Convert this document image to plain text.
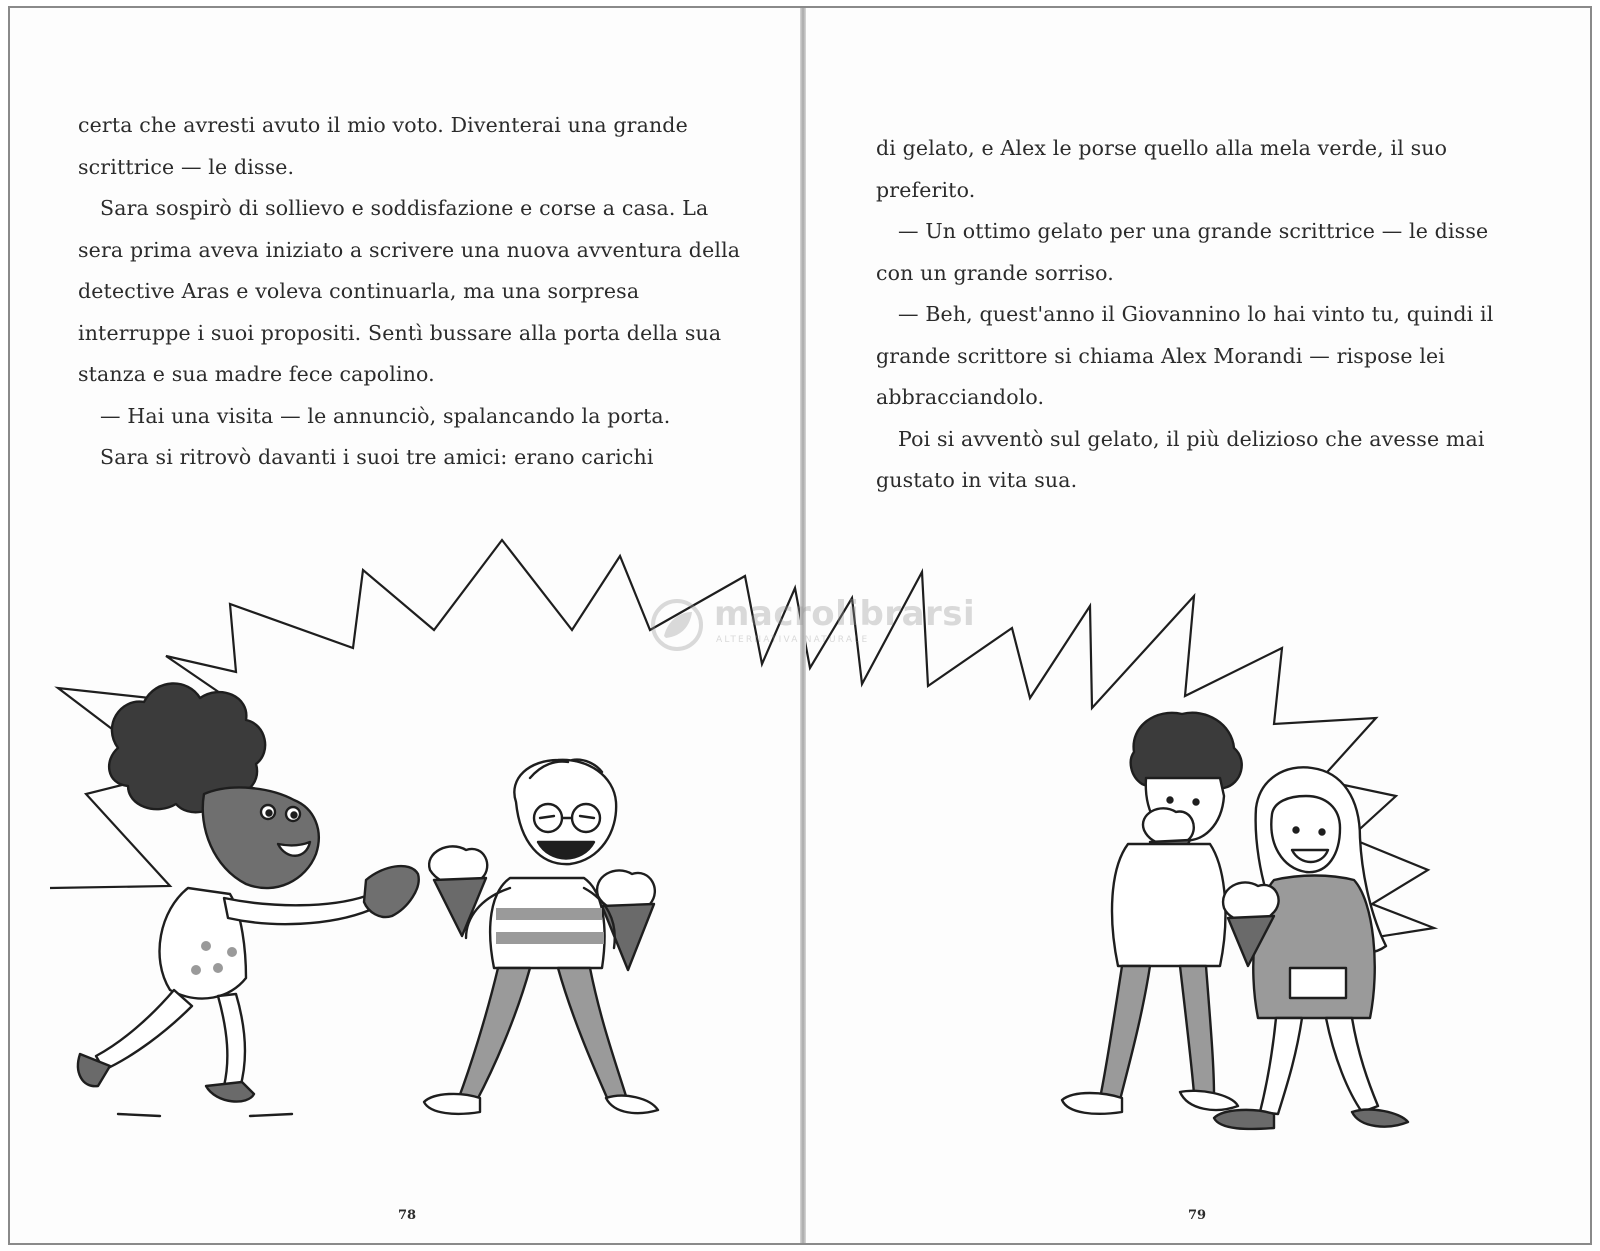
certa che avresti avuto il mio voto. Diventerai una grande scrittrice — le disse.

Sara sospirò di sollievo e soddisfazione e corse a casa. La sera prima aveva iniziato a scrivere una nuova avventura della detective Aras e voleva continuarla, ma una sorpresa interruppe i suoi propositi. Sentì bussare alla porta della sua stanza e sua madre fece capolino.

— Hai una visita — le annunciò, spalancando la porta.

Sara si ritrovò davanti i suoi tre amici: erano carichi

78

di gelato, e Alex le porse quello alla mela verde, il suo preferito.

— Un ottimo gelato per una grande scrittrice — le disse con un grande sorriso.

— Beh, quest'anno il Giovannino lo hai vinto tu, quindi il grande scrittore si chiama Alex Morandi — rispose lei abbracciandolo.

Poi si avventò sul gelato, il più delizioso che avesse mai gustato in vita sua.

79
macrolibrarsi
ALTERNATIVA NATURALE
